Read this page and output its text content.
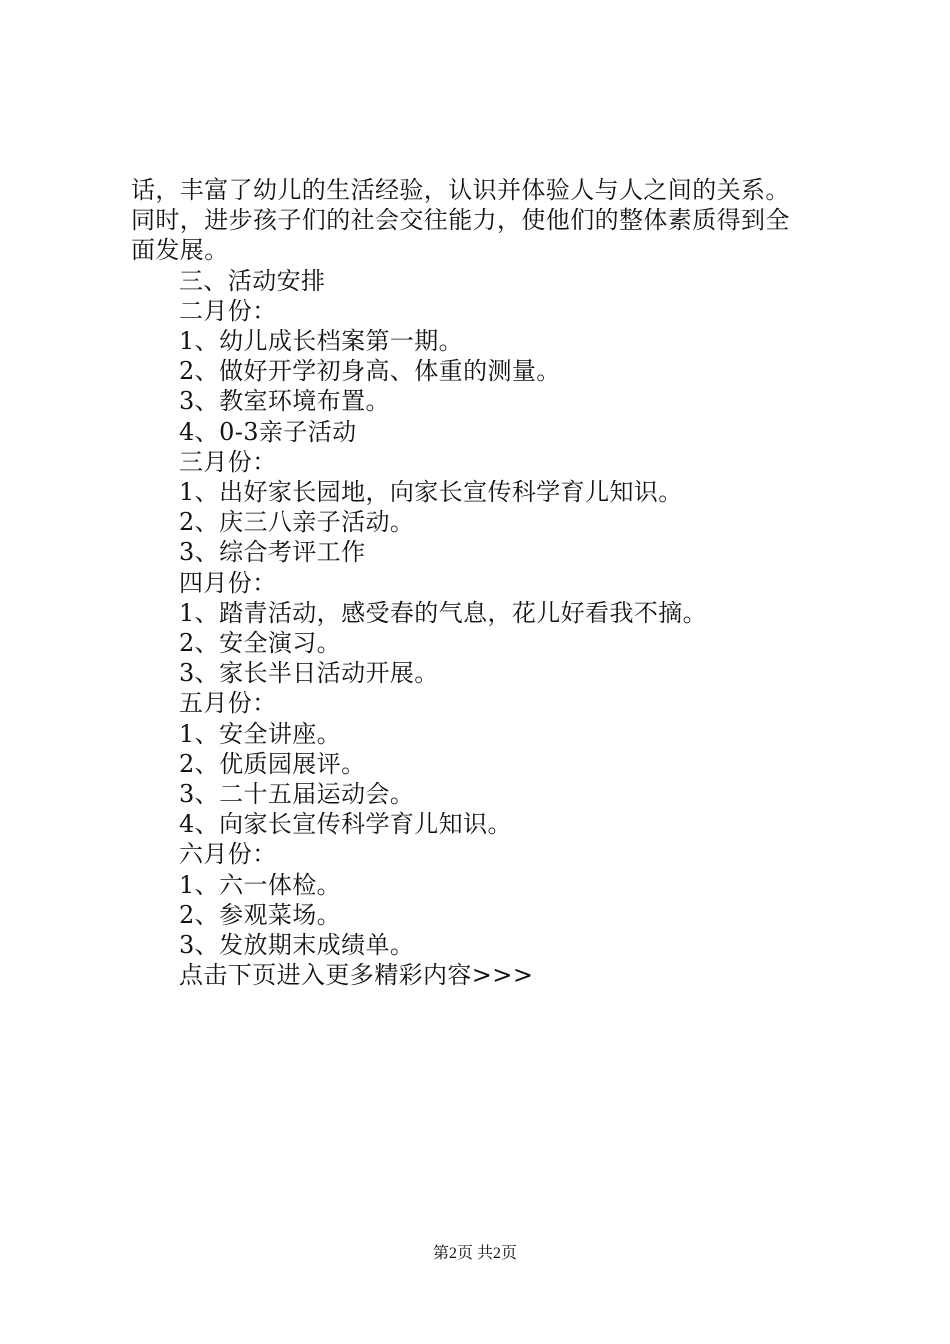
话，丰富了幼儿的生活经验，认识并体验人与人之间的关系。

同时，进步孩子们的社会交往能力，使他们的整体素质得到全

面发展。

三、活动安排

二月份：

1、幼儿成长档案第一期。

2、做好开学初身高、体重的测量。

3、教室环境布置。

4、0-3亲子活动

三月份：

1、出好家长园地，向家长宣传科学育儿知识。

2、庆三八亲子活动。

3、综合考评工作

四月份：

1、踏青活动，感受春的气息，花儿好看我不摘。

2、安全演习。

3、家长半日活动开展。

五月份：

1、安全讲座。

2、优质园展评。

3、二十五届运动会。

4、向家长宣传科学育儿知识。

六月份：

1、六一体检。

2、参观菜场。

3、发放期末成绩单。

点击下页进入更多精彩内容>>>

第2页 共2页
